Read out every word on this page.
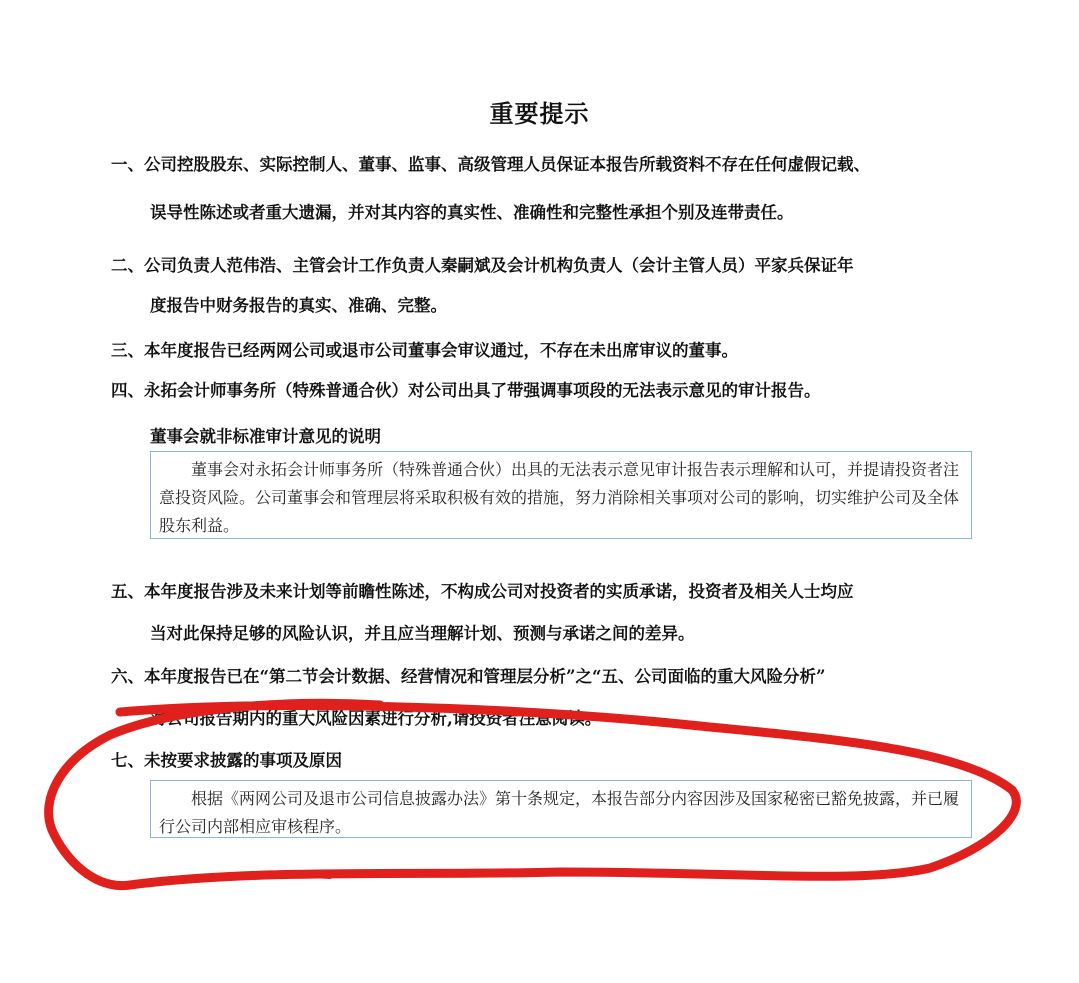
重要提示
一、公司控股股东、实际控制人、董事、监事、高级管理人员保证本报告所载资料不存在任何虚假记载、
误导性陈述或者重大遗漏，并对其内容的真实性、准确性和完整性承担个别及连带责任。
二、公司负责人范伟浩、主管会计工作负责人秦嗣斌及会计机构负责人（会计主管人员）平家兵保证年
度报告中财务报告的真实、准确、完整。
三、本年度报告已经两网公司或退市公司董事会审议通过，不存在未出席审议的董事。
四、永拓会计师事务所（特殊普通合伙）对公司出具了带强调事项段的无法表示意见的审计报告。
董事会就非标准审计意见的说明

董事会对永拓会计师事务所（特殊普通合伙）出具的无法表示意见审计报告表示理解和认可，并提请投资者注意投资风险。公司董事会和管理层将采取积极有效的措施，努力消除相关事项对公司的影响，切实维护公司及全体股东利益。

五、本年度报告涉及未来计划等前瞻性陈述，不构成公司对投资者的实质承诺，投资者及相关人士均应
当对此保持足够的风险认识，并且应当理解计划、预测与承诺之间的差异。
六、本年度报告已在“第二节会计数据、经营情况和管理层分析”之“五、公司面临的重大风险分析”
对公司报告期内的重大风险因素进行分析,请投资者注意阅读。
七、未按要求披露的事项及原因

根据《两网公司及退市公司信息披露办法》第十条规定，本报告部分内容因涉及国家秘密已豁免披露，并已履行公司内部相应审核程序。
